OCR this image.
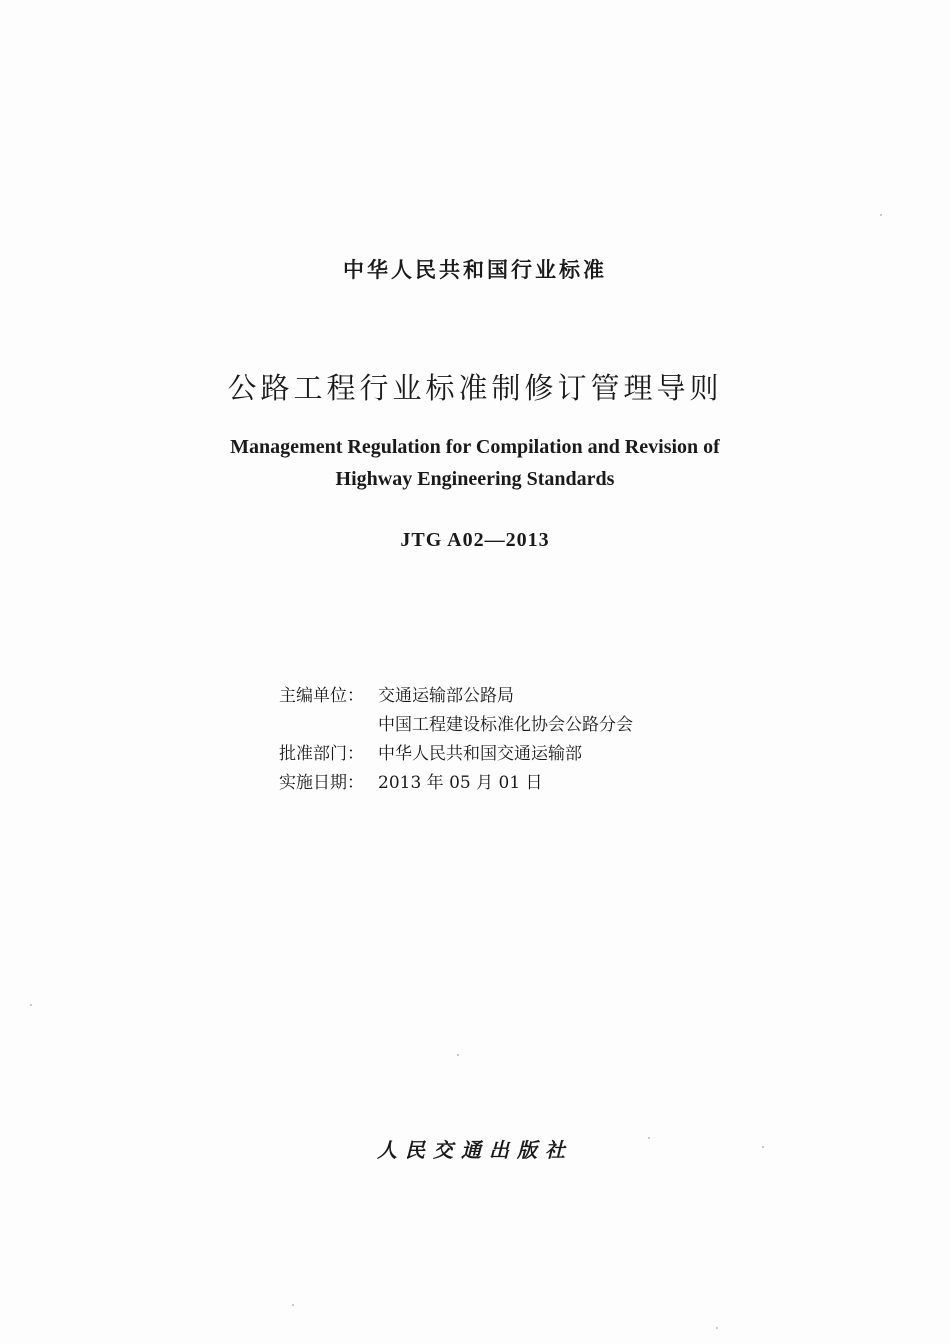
中华人民共和国行业标准
公路工程行业标准制修订管理导则
Management Regulation for Compilation and Revision of
Highway Engineering Standards
JTG A02—2013
主编单位： 交通运输部公路局
中国工程建设标准化协会公路分会
批准部门： 中华人民共和国交通运输部
实施日期： 2013 年 05 月 01 日
人民交通出版社
